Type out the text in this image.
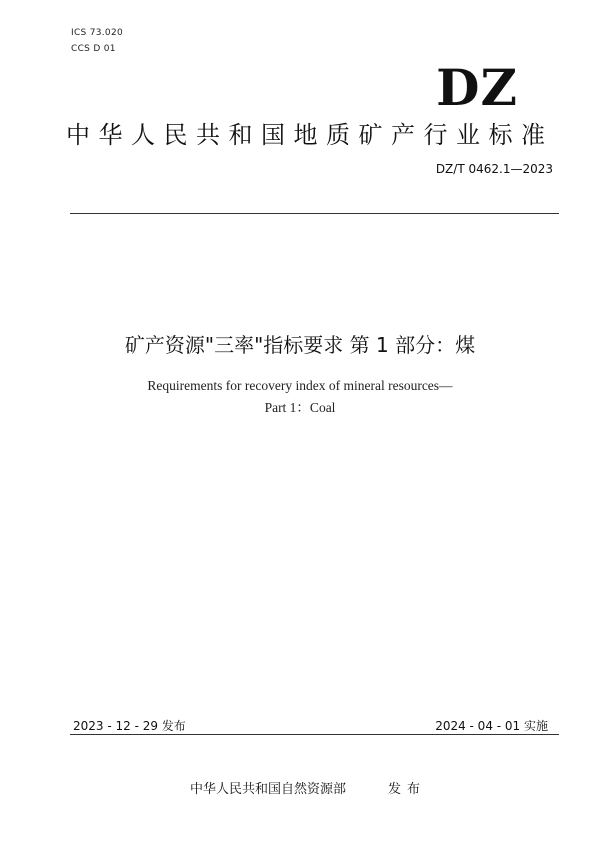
ICS 73.020
CCS D 01
DZ
中华人民共和国地质矿产行业标准
DZ/T 0462.1—2023
矿产资源"三率"指标要求 第 1 部分：煤
Requirements for recovery index of mineral resources—
Part 1：Coal
2023 - 12 - 29 发布	2024 - 04 - 01 实施
中华人民共和国自然资源部	发布
